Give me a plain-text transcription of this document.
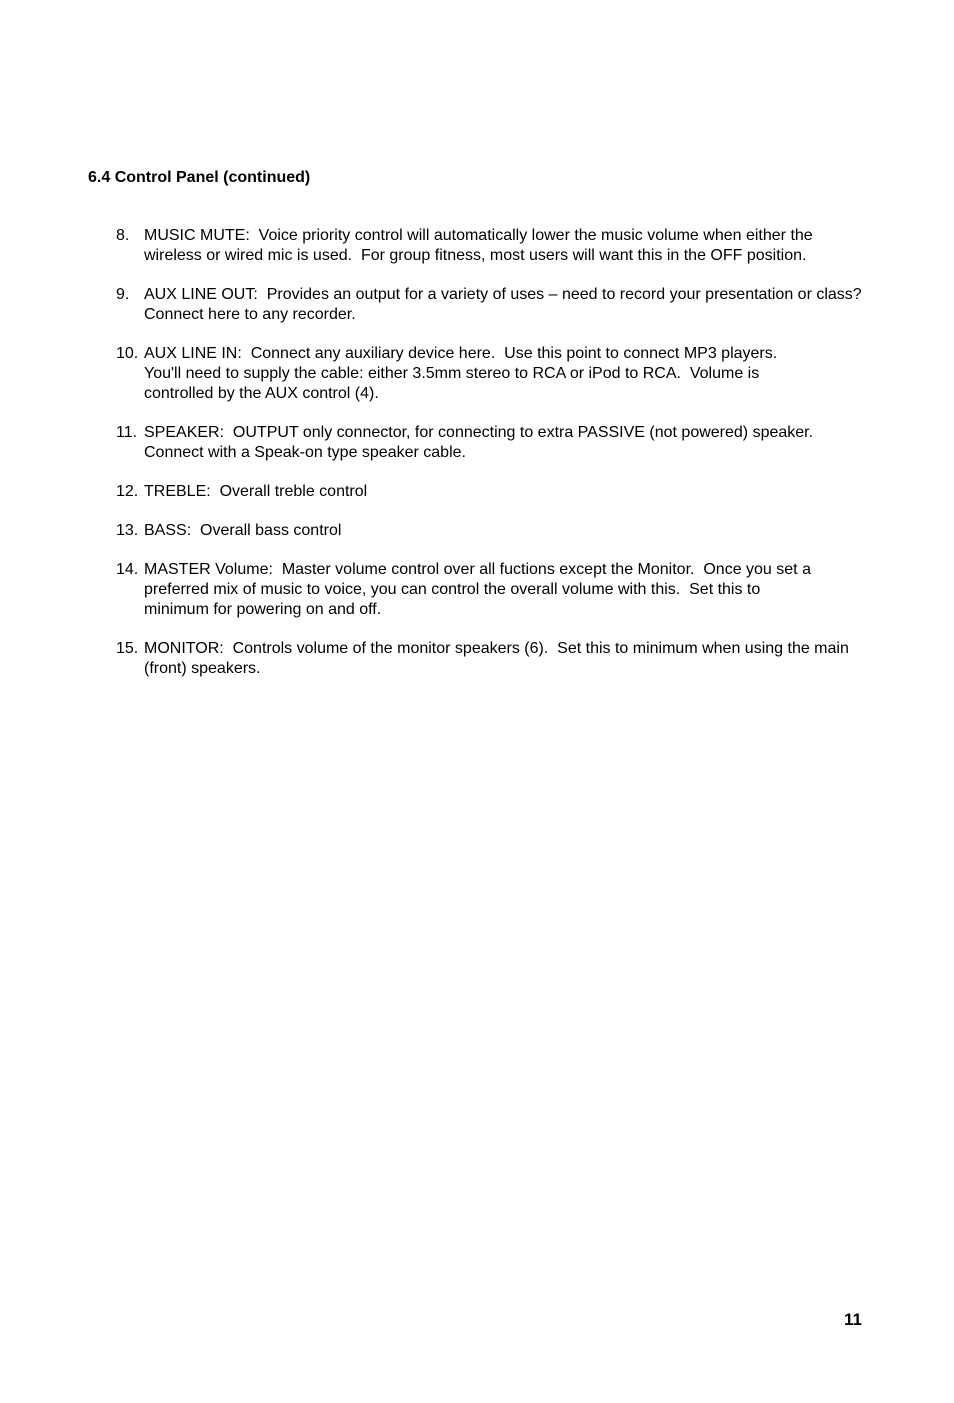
6.4 Control Panel (continued)
8. MUSIC MUTE:  Voice priority control will automatically lower the music volume when either the wireless or wired mic is used.  For group fitness, most users will want this in the OFF position.
9. AUX LINE OUT:  Provides an output for a variety of uses – need to record your presentation or class?  Connect here to any recorder.
10. AUX LINE IN:  Connect any auxiliary device here.  Use this point to connect MP3 players.
You'll need to supply the cable: either 3.5mm stereo to RCA or iPod to RCA.  Volume is
controlled by the AUX control (4).
11. SPEAKER:  OUTPUT only connector, for connecting to extra PASSIVE (not powered) speaker. Connect with a Speak-on type speaker cable.
12. TREBLE:  Overall treble control
13. BASS:  Overall bass control
14. MASTER Volume:  Master volume control over all fuctions except the Monitor.  Once you set a
preferred mix of music to voice, you can control the overall volume with this.  Set this to
minimum for powering on and off.
15. MONITOR:  Controls volume of the monitor speakers (6).  Set this to minimum when using the main (front) speakers.
11
